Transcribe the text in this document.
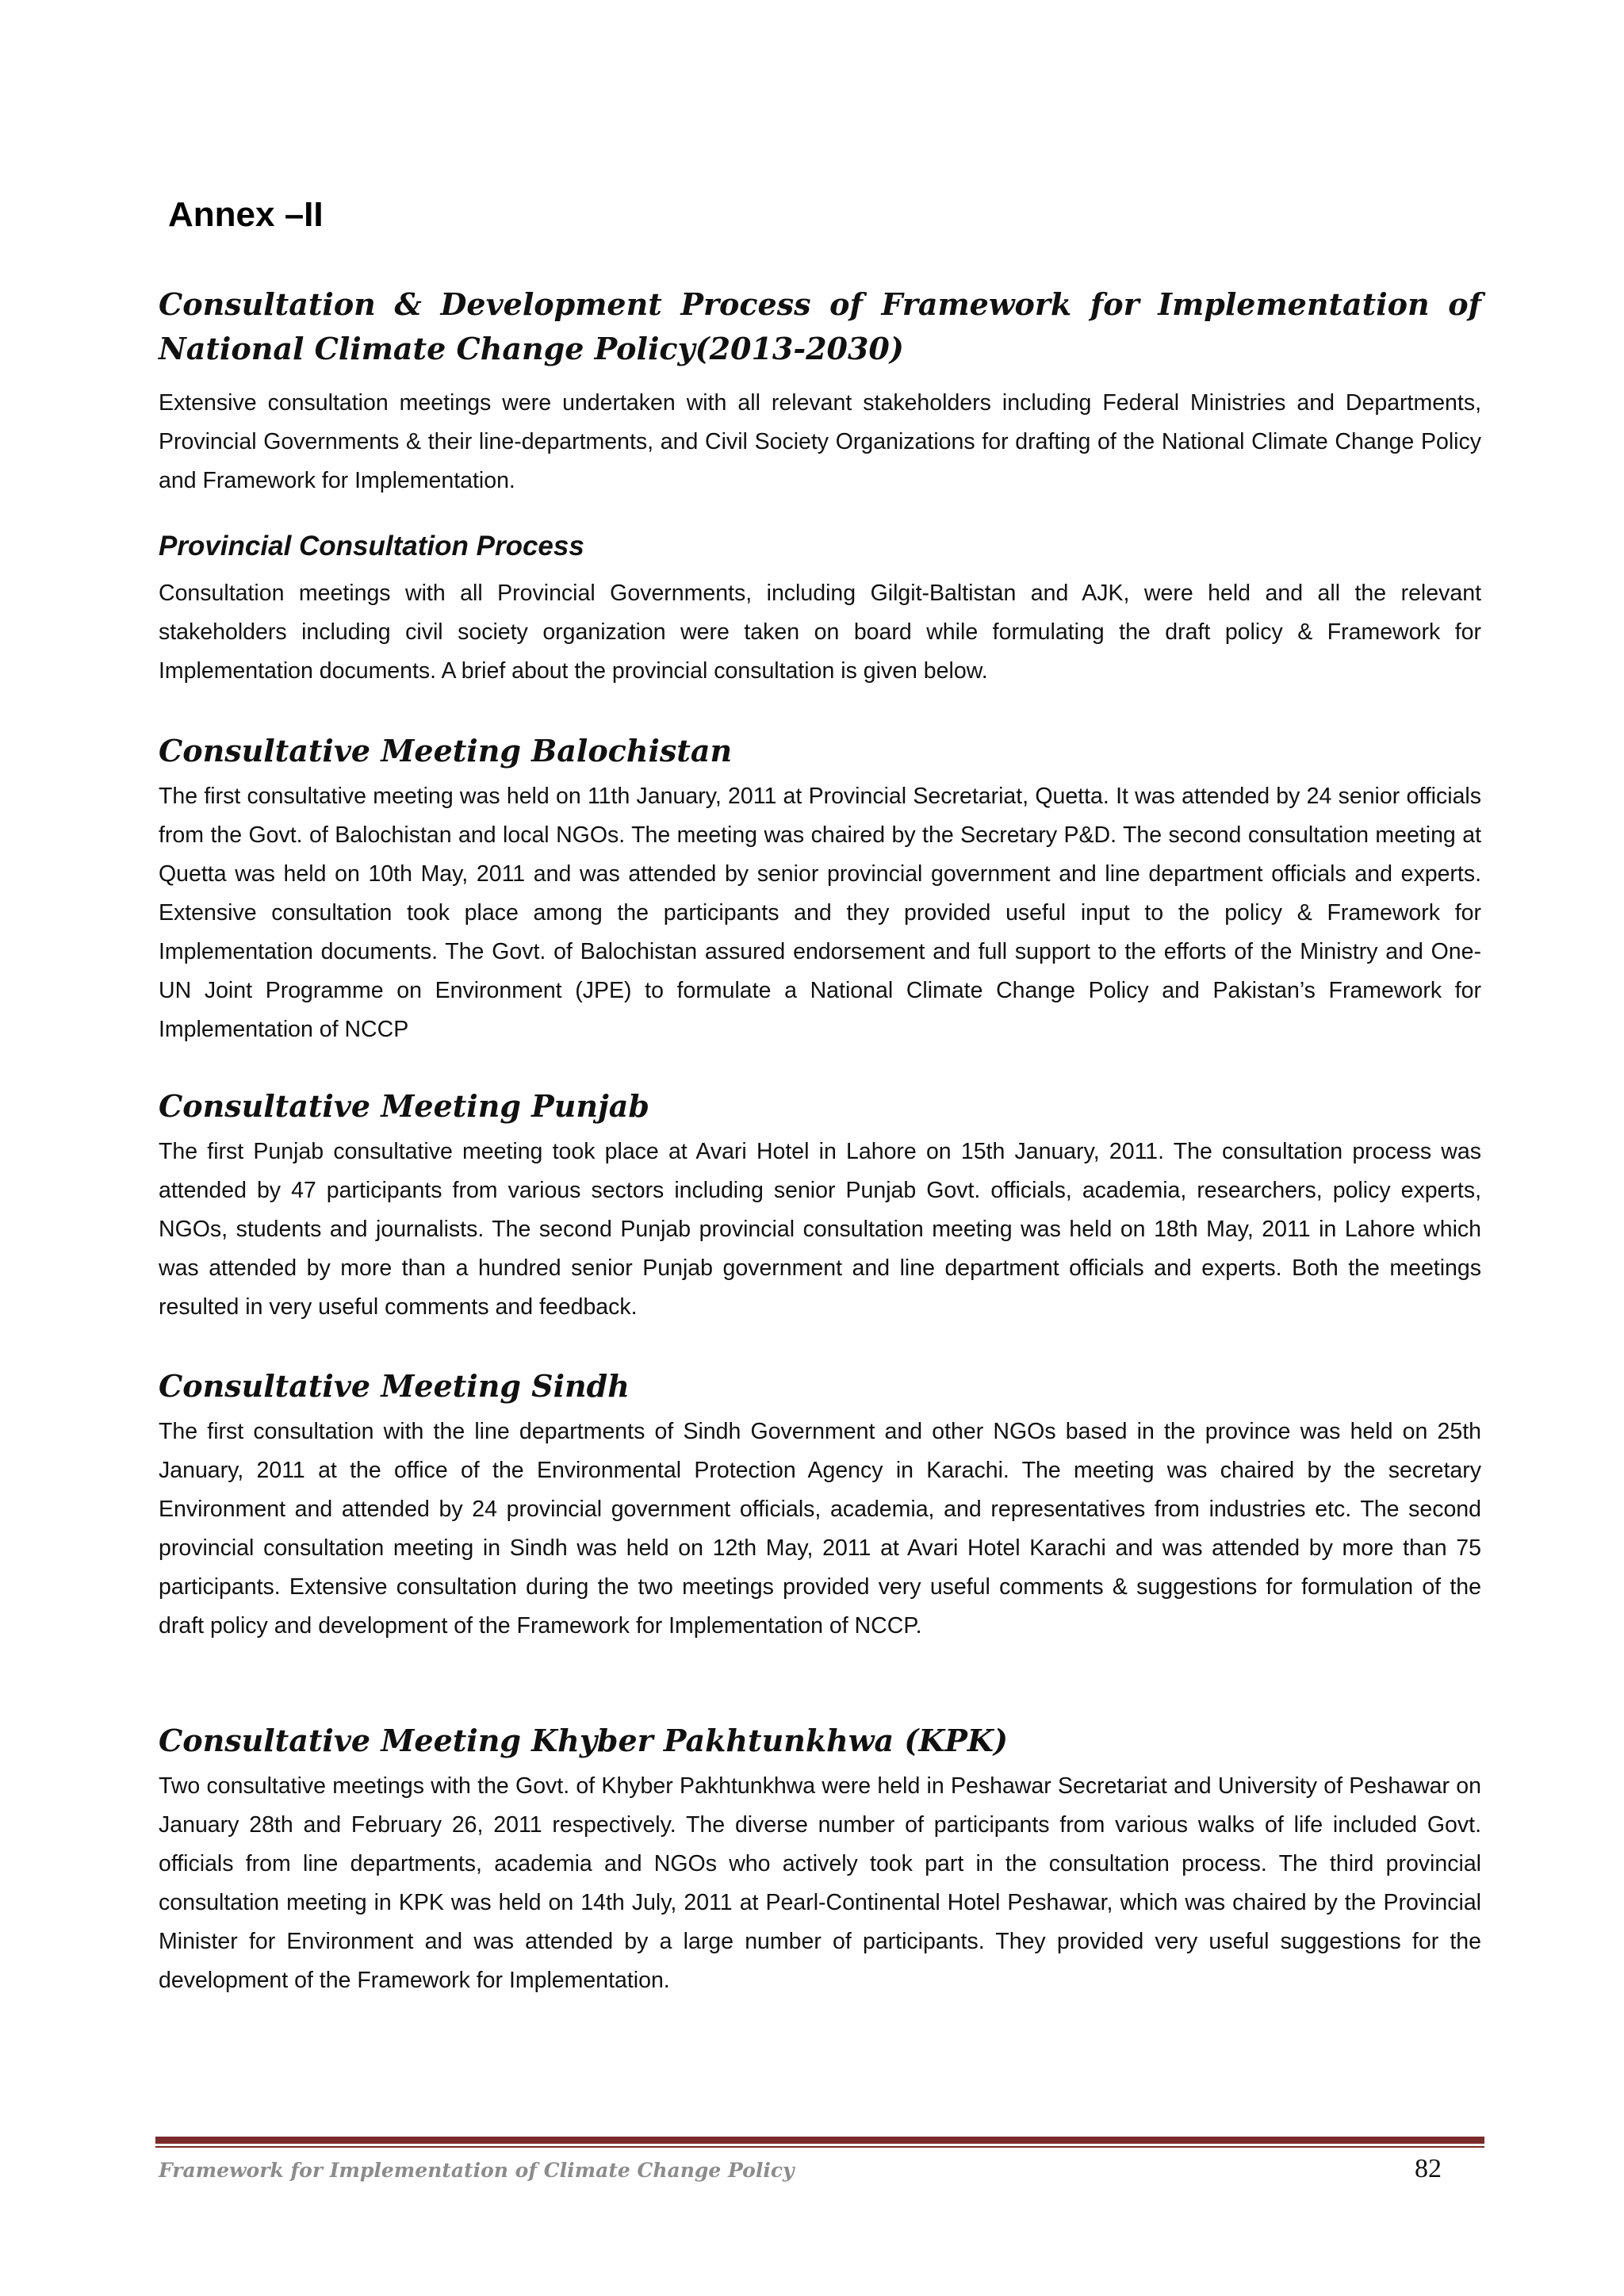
Annex –II
Consultation & Development Process of Framework for Implementation of National Climate Change Policy(2013-2030)

Extensive consultation meetings were undertaken with all relevant stakeholders including Federal Ministries and Departments, Provincial Governments & their line-departments, and Civil Society Organizations for drafting of the National Climate Change Policy and Framework for Implementation.

Provincial Consultation Process

Consultation meetings with all Provincial Governments, including Gilgit-Baltistan and AJK, were held and all the relevant stakeholders including civil society organization were taken on board while formulating the draft policy & Framework for Implementation documents. A brief about the provincial consultation is given below.

Consultative Meeting Balochistan

The first consultative meeting was held on 11th January, 2011 at Provincial Secretariat, Quetta. It was attended by 24 senior officials from the Govt. of Balochistan and local NGOs. The meeting was chaired by the Secretary P&D. The second consultation meeting at Quetta was held on 10th May, 2011 and was attended by senior provincial government and line department officials and experts. Extensive consultation took place among the participants and they provided useful input to the policy & Framework for Implementation documents. The Govt. of Balochistan assured endorsement and full support to the efforts of the Ministry and One-UN Joint Programme on Environment (JPE) to formulate a National Climate Change Policy and Pakistan’s Framework for Implementation of NCCP

Consultative Meeting Punjab

The first Punjab consultative meeting took place at Avari Hotel in Lahore on 15th January, 2011. The consultation process was attended by 47 participants from various sectors including senior Punjab Govt. officials, academia, researchers, policy experts, NGOs, students and journalists. The second Punjab provincial consultation meeting was held on 18th May, 2011 in Lahore which was attended by more than a hundred senior Punjab government and line department officials and experts. Both the meetings resulted in very useful comments and feedback.

Consultative Meeting Sindh

The first consultation with the line departments of Sindh Government and other NGOs based in the province was held on 25th January, 2011 at the office of the Environmental Protection Agency in Karachi. The meeting was chaired by the secretary Environment and attended by 24 provincial government officials, academia, and representatives from industries etc. The second provincial consultation meeting in Sindh was held on 12th May, 2011 at Avari Hotel Karachi and was attended by more than 75 participants. Extensive consultation during the two meetings provided very useful comments & suggestions for formulation of the draft policy and development of the Framework for Implementation of NCCP.

Consultative Meeting Khyber Pakhtunkhwa (KPK)

Two consultative meetings with the Govt. of Khyber Pakhtunkhwa were held in Peshawar Secretariat and University of Peshawar on January 28th and February 26, 2011 respectively. The diverse number of participants from various walks of life included Govt. officials from line departments, academia and NGOs who actively took part in the consultation process. The third provincial consultation meeting in KPK was held on 14th July, 2011 at Pearl-Continental Hotel Peshawar, which was chaired by the Provincial Minister for Environment and was attended by a large number of participants. They provided very useful suggestions for the development of the Framework for Implementation.

Framework for Implementation of Climate Change Policy	82
